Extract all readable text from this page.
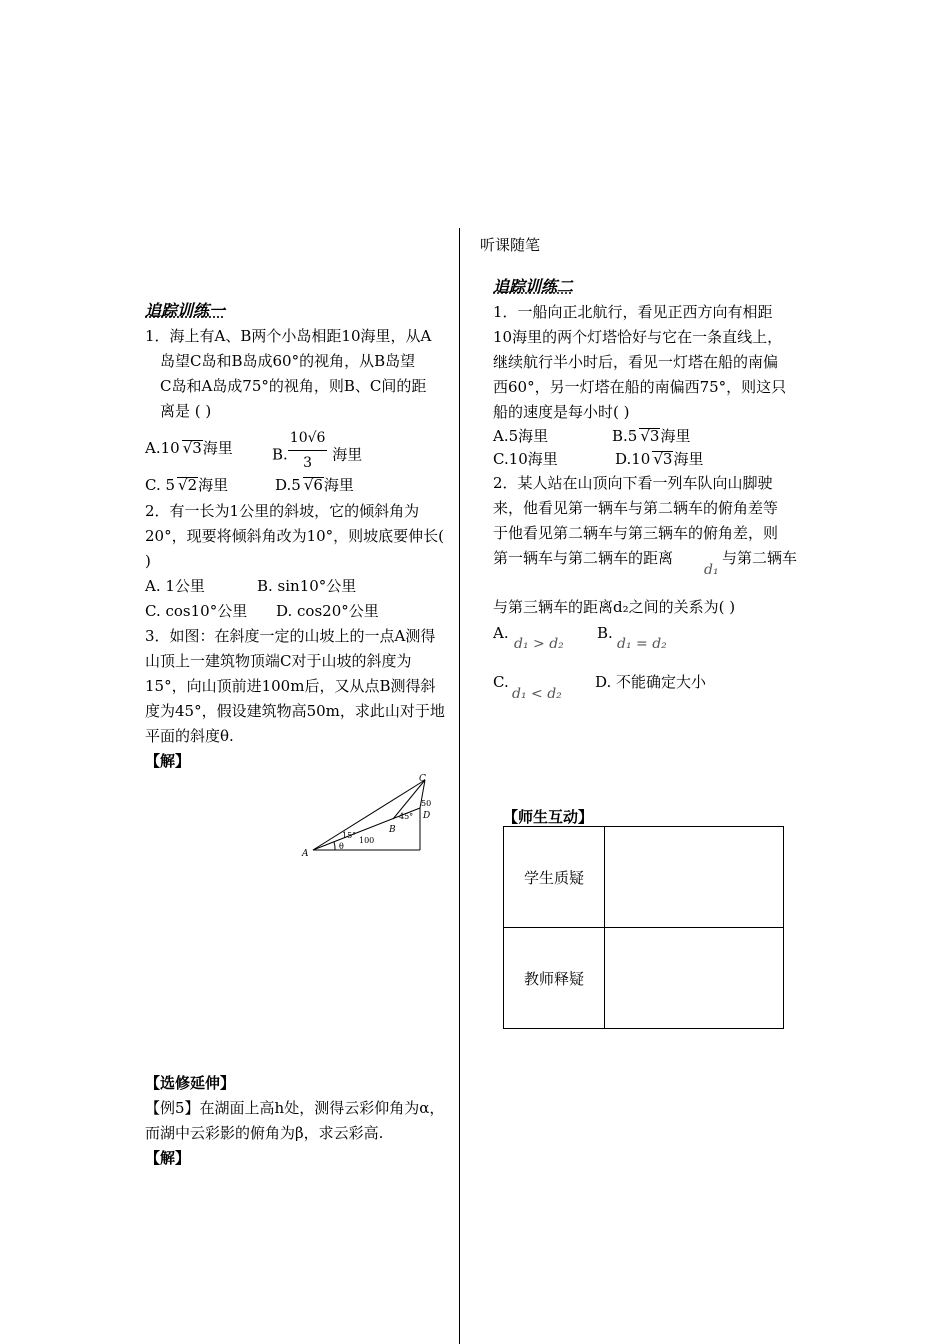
听课随笔
追踪训练一
1．海上有A、B两个小岛相距10海里，从A
岛望C岛和B岛成60°的视角，从B岛望
C岛和A岛成75°的视角，则B、C间的距
离是 ( )
A.10 √3海里	B. $\frac{10√6}{3}$ 海里
C. 5 √2海里	D.5 √6海里
2．有一长为1公里的斜坡，它的倾斜角为
20°，现要将倾斜角改为10°，则坡底要伸长(
)
A. 1公里	B. sin10°公里
C. cos10°公里 D. cos20°公里
3．如图：在斜度一定的山坡上的一点A测得
山顶上一建筑物顶端C对于山坡的斜度为
15°，向山顶前进100m后，又从点B测得斜
度为45°，假设建筑物高50m，求此山对于地
平面的斜度θ.
【解】
A
B
C
D
15°
45°
100
50
θ
【选修延伸】
【例5】在湖面上高h处，测得云彩仰角为α，
而湖中云彩影的俯角为β，求云彩高.
【解】
追踪训练二
1．一船向正北航行，看见正西方向有相距
10海里的两个灯塔恰好与它在一条直线上，
继续航行半小时后，看见一灯塔在船的南偏
西60°，另一灯塔在船的南偏西75°，则这只
船的速度是每小时( )
A.5海里	B.5 √3海里
C.10海里	D.10 √3海里
2．某人站在山顶向下看一列车队向山脚驶
来，他看见第一辆车与第二辆车的俯角差等
于他看见第二辆车与第三辆车的俯角差，则
第一辆车与第二辆车的距离
d₁
与第二辆车
与第三辆车的距离d₂之间的关系为( )
A.
d₁ > d₂
B.
d₁ = d₂
C.
d₁ < d₂
D. 不能确定大小
【师生互动】
学生质疑	
教师释疑	
